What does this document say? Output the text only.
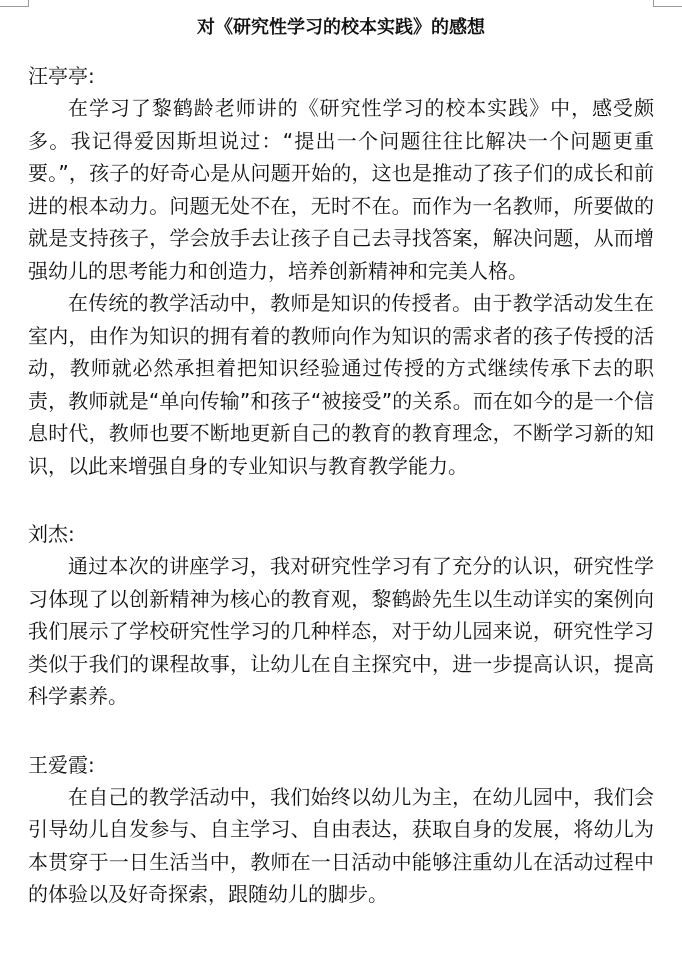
对《研究性学习的校本实践》的感想

汪亭亭:

在学习了黎鹤龄老师讲的《研究性学习的校本实践》中，感受颇多。我记得爱因斯坦说过：“提出一个问题往往比解决一个问题更重要。”，孩子的好奇心是从问题开始的，这也是推动了孩子们的成长和前进的根本动力。问题无处不在，无时不在。而作为一名教师，所要做的就是支持孩子，学会放手去让孩子自己去寻找答案，解决问题，从而增强幼儿的思考能力和创造力，培养创新精神和完美人格。

在传统的教学活动中，教师是知识的传授者。由于教学活动发生在室内，由作为知识的拥有着的教师向作为知识的需求者的孩子传授的活动，教师就必然承担着把知识经验通过传授的方式继续传承下去的职责，教师就是“单向传输”和孩子“被接受”的关系。而在如今的是一个信息时代，教师也要不断地更新自己的教育的教育理念，不断学习新的知识，以此来增强自身的专业知识与教育教学能力。

刘杰:

通过本次的讲座学习，我对研究性学习有了充分的认识，研究性学习体现了以创新精神为核心的教育观，黎鹤龄先生以生动详实的案例向我们展示了学校研究性学习的几种样态，对于幼儿园来说，研究性学习类似于我们的课程故事，让幼儿在自主探究中，进一步提高认识，提高科学素养。

王爱霞:

在自己的教学活动中，我们始终以幼儿为主，在幼儿园中，我们会引导幼儿自发参与、自主学习、自由表达，获取自身的发展，将幼儿为本贯穿于一日生活当中，教师在一日活动中能够注重幼儿在活动过程中的体验以及好奇探索，跟随幼儿的脚步。
